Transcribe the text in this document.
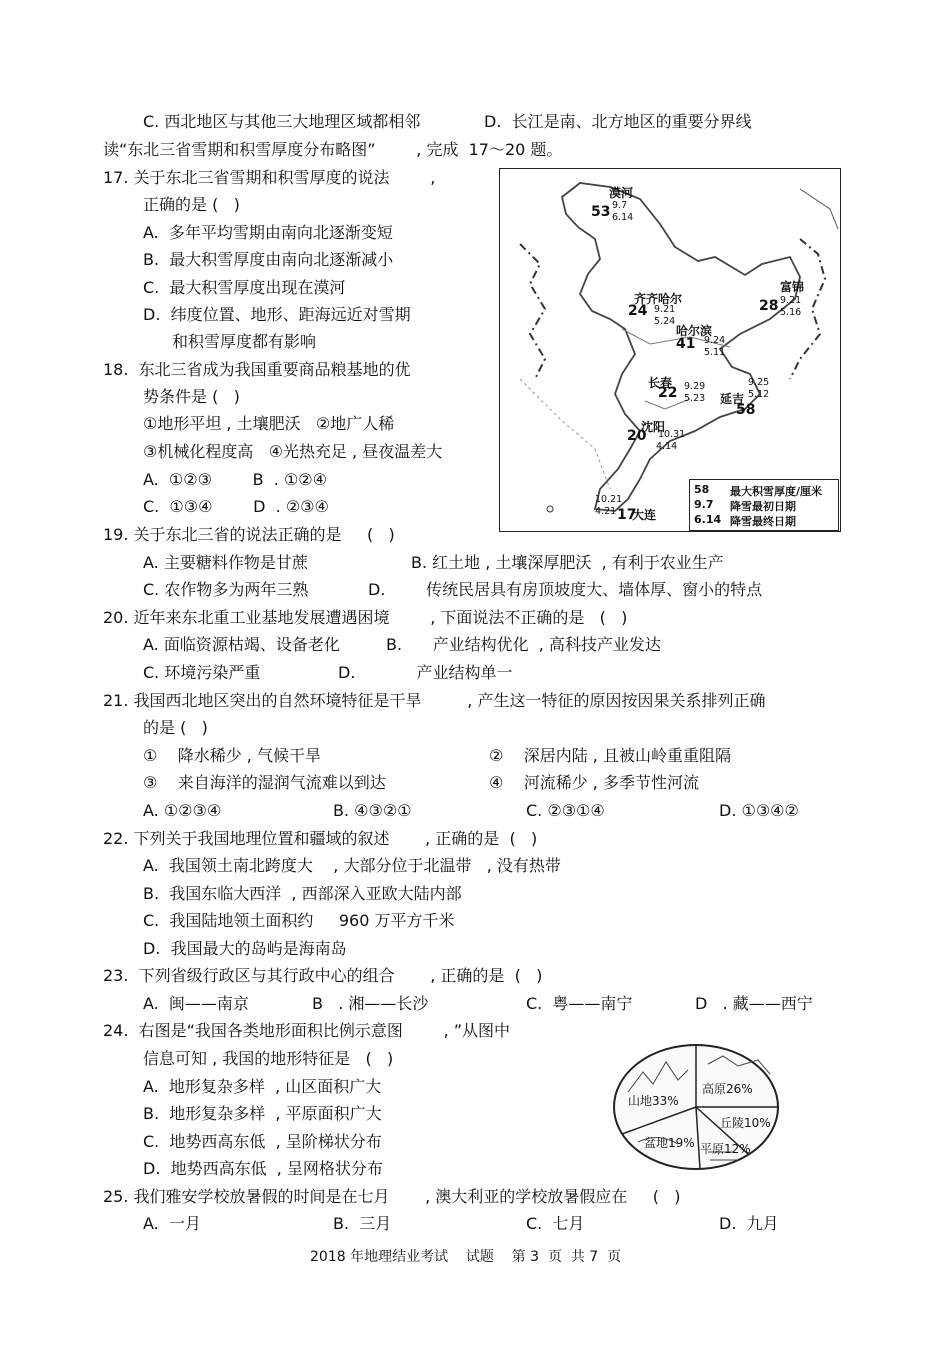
C. 西北地区与其他三大地理区域都相邻	D.  长江是南、北方地区的重要分界线
读“东北三省雪期和积雪厚度分布略图”        , 完成  17～20 题。
17. 关于东北三省雪期和积雪厚度的说法        ,
正确的是 (   )
A.  多年平均雪期由南向北逐渐变短
B.  最大积雪厚度由南向北逐渐减小
C.  最大积雪厚度出现在漠河
D.  纬度位置、地形、距海远近对雪期
和积雪厚度都有影响
18.  东北三省成为我国重要商品粮基地的优
势条件是 (   )
①地形平坦 , 土壤肥沃   ②地广人稀
③机械化程度高   ④光热充足 , 昼夜温差大
A.  ①②③        B  . ①②④
C.  ①③④        D  . ②③④
19. 关于东北三省的说法正确的是     (   )
A. 主要糖料作物是甘蔗	B. 红土地 , 土壤深厚肥沃  , 有利于农业生产
C. 农作物多为两年三熟	D.        传统民居具有房顶坡度大、墙体厚、窗小的特点
20. 近年来东北重工业基地发展遭遇困境        , 下面说法不正确的是   (   )
A. 面临资源枯竭、设备老化	B.      产业结构优化  , 高科技产业发达
C. 环境污染严重	D.            产业结构单一
21. 我国西北地区突出的自然环境特征是干旱         , 产生这一特征的原因按因果关系排列正确
的是 (   )
①    降水稀少 , 气候干旱	②    深居内陆 , 且被山岭重重阻隔
③    来自海洋的湿润气流难以到达	④    河流稀少 , 多季节性河流
A. ①②③④	B. ④③②①	C. ②③①④	D. ①③④②
22. 下列关于我国地理位置和疆域的叙述       , 正确的是  (   )
A.  我国领土南北跨度大    , 大部分位于北温带   , 没有热带
B.  我国东临大西洋  , 西部深入亚欧大陆内部
C.  我国陆地领土面积约     960 万平方千米
D.  我国最大的岛屿是海南岛
23.  下列省级行政区与其行政中心的组合       , 正确的是  (   )
A.  闽——南京	B   . 湘——长沙	C.  粤——南宁	D   . 藏——西宁
24.  右图是“我国各类地形面积比例示意图        , ”从图中
信息可知 , 我国的地形特征是   (   )
A.  地形复杂多样  , 山区面积广大
B.  地形复杂多样  , 平原面积广大
C.  地势西高东低  , 呈阶梯状分布
D.  地势西高东低  , 呈网格状分布
25. 我们雅安学校放暑假的时间是在七月       , 澳大利亚的学校放暑假应在     (   )
A.  一月	B.  三月	C.  七月	D.  九月
2018 年地理结业考试    试题    第 3  页  共 7  页
漠河
53 9.7
6.14
齐齐哈尔
24 9.21
5.24
哈尔滨
41 9.24
5.11
富锦
28 9.21
5.16
长春
22 9.29
5.23 延吉
58
9.25
5.12
沈阳
20 10.31
4.14
大连
17
10.21
4.21
58 最大积雪厚度/厘米
9.7 降雪最初日期
6.14 降雪最终日期
山地33%
高原26%
丘陵10%
盆地19% 平原12%
